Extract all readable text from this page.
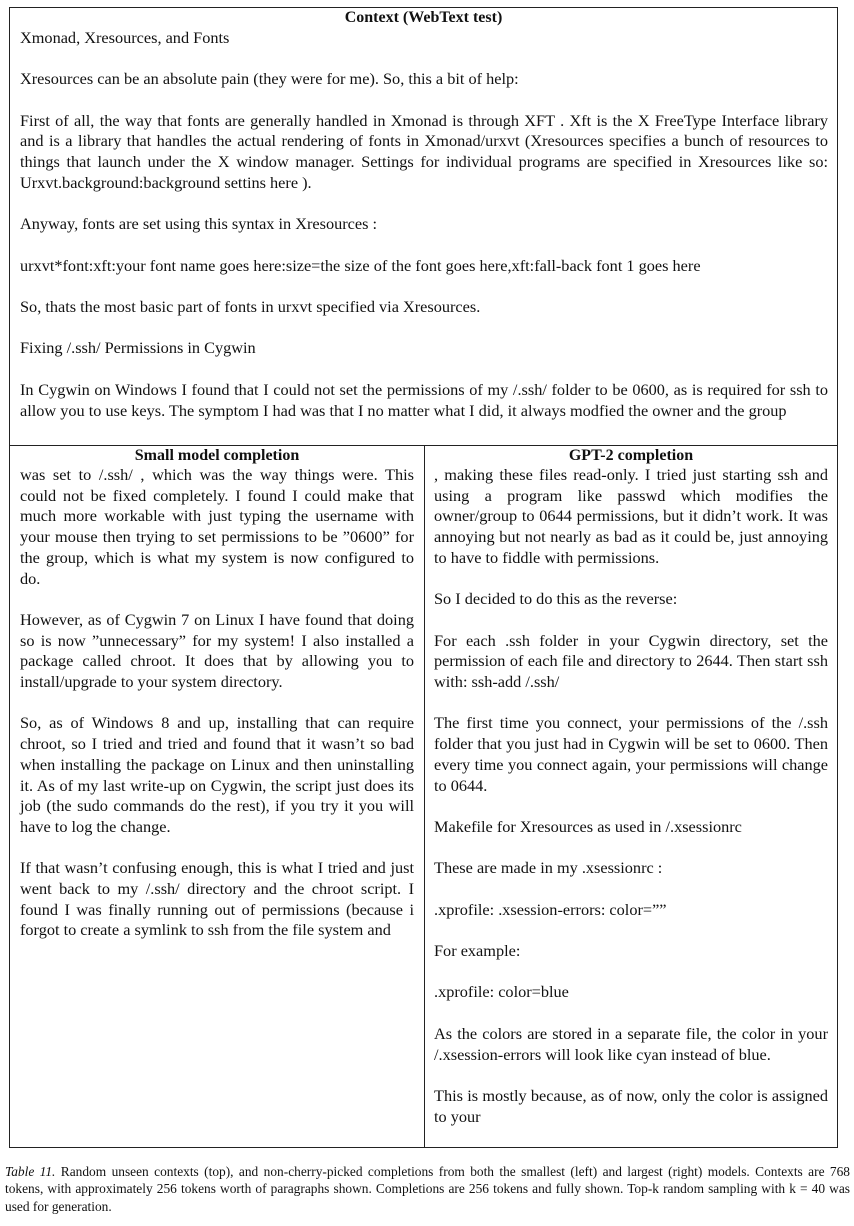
Context (WebText test)

Xmonad, Xresources, and Fonts

Xresources can be an absolute pain (they were for me). So, this a bit of help:

First of all, the way that fonts are generally handled in Xmonad is through XFT . Xft is the X FreeType Interface library and is a library that handles the actual rendering of fonts in Xmonad/urxvt (Xresources specifies a bunch of resources to things that launch under the X window manager. Settings for individual programs are specified in Xresources like so: Urxvt.background:background settins here ).

Anyway, fonts are set using this syntax in Xresources :

urxvt*font:xft:your font name goes here:size=the size of the font goes here,xft:fall-back font 1 goes here

So, thats the most basic part of fonts in urxvt specified via Xresources.

Fixing /.ssh/ Permissions in Cygwin

In Cygwin on Windows I found that I could not set the permissions of my /.ssh/ folder to be 0600, as is required for ssh to allow you to use keys. The symptom I had was that I no matter what I did, it always modfied the owner and the group

Small model completion

was set to /.ssh/ , which was the way things were. This could not be fixed completely. I found I could make that much more workable with just typing the username with your mouse then trying to set permissions to be ”0600” for the group, which is what my system is now configured to do.

However, as of Cygwin 7 on Linux I have found that doing so is now ”unnecessary” for my system! I also installed a package called chroot. It does that by allowing you to install/upgrade to your system directory.

So, as of Windows 8 and up, installing that can require chroot, so I tried and tried and found that it wasn’t so bad when installing the package on Linux and then uninstalling it. As of my last write-up on Cygwin, the script just does its job (the sudo commands do the rest), if you try it you will have to log the change.

If that wasn’t confusing enough, this is what I tried and just went back to my /.ssh/ directory and the chroot script. I found I was finally running out of permissions (because i forgot to create a symlink to ssh from the file system and

GPT-2 completion

, making these files read-only. I tried just starting ssh and using a program like passwd which modifies the owner/group to 0644 permissions, but it didn’t work. It was annoying but not nearly as bad as it could be, just annoying to have to fiddle with permissions.

So I decided to do this as the reverse:

For each .ssh folder in your Cygwin directory, set the permission of each file and directory to 2644. Then start ssh with: ssh-add /.ssh/

The first time you connect, your permissions of the /.ssh folder that you just had in Cygwin will be set to 0600. Then every time you connect again, your permissions will change to 0644.

Makefile for Xresources as used in /.xsessionrc

These are made in my .xsessionrc :

.xprofile: .xsession-errors: color=””

For example:

.xprofile: color=blue

As the colors are stored in a separate file, the color in your /.xsession-errors will look like cyan instead of blue.

This is mostly because, as of now, only the color is assigned to your

Table 11. Random unseen contexts (top), and non-cherry-picked completions from both the smallest (left) and largest (right) models. Contexts are 768 tokens, with approximately 256 tokens worth of paragraphs shown. Completions are 256 tokens and fully shown. Top-k random sampling with k = 40 was used for generation.
